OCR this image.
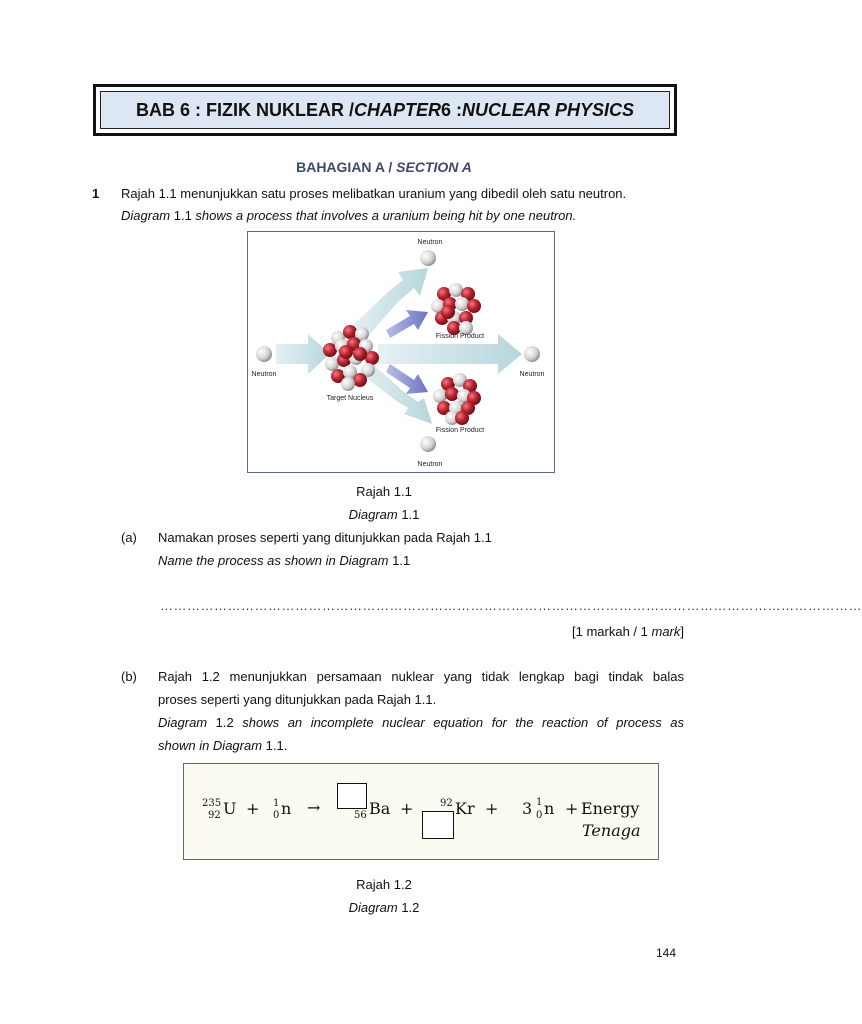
BAB 6 : FIZIK NUKLEAR / CHAPTER 6 : NUCLEAR PHYSICS
BAHAGIAN A / SECTION A
1 Rajah 1.1 menunjukkan satu proses melibatkan uranium yang dibedil oleh satu neutron.
Diagram 1.1 shows a process that involves a uranium being hit by one neutron.
Neutron
Fission Product
Neutron	Neutron
Target Nucleus
Fission Product
Neutron
Rajah 1.1
Diagram 1.1
(a) Namakan proses seperti yang ditunjukkan pada Rajah 1.1
Name the process as shown in Diagram 1.1
…………………………………………………………………………………………………………………………………………
[1 markah / 1 mark]
(b) Rajah 1.2 menunjukkan persamaan nuklear yang tidak lengkap bagi tindak balas
proses seperti yang ditunjukkan pada Rajah 1.1.
Diagram 1.2 shows an incomplete nuclear equation for the reaction of process as
shown in Diagram 1.1.
235
92 U + 1
0 n →	56 Ba +	92 Kr + 3 1
0 n + Energy
Tenaga
Rajah 1.2
Diagram 1.2
144
